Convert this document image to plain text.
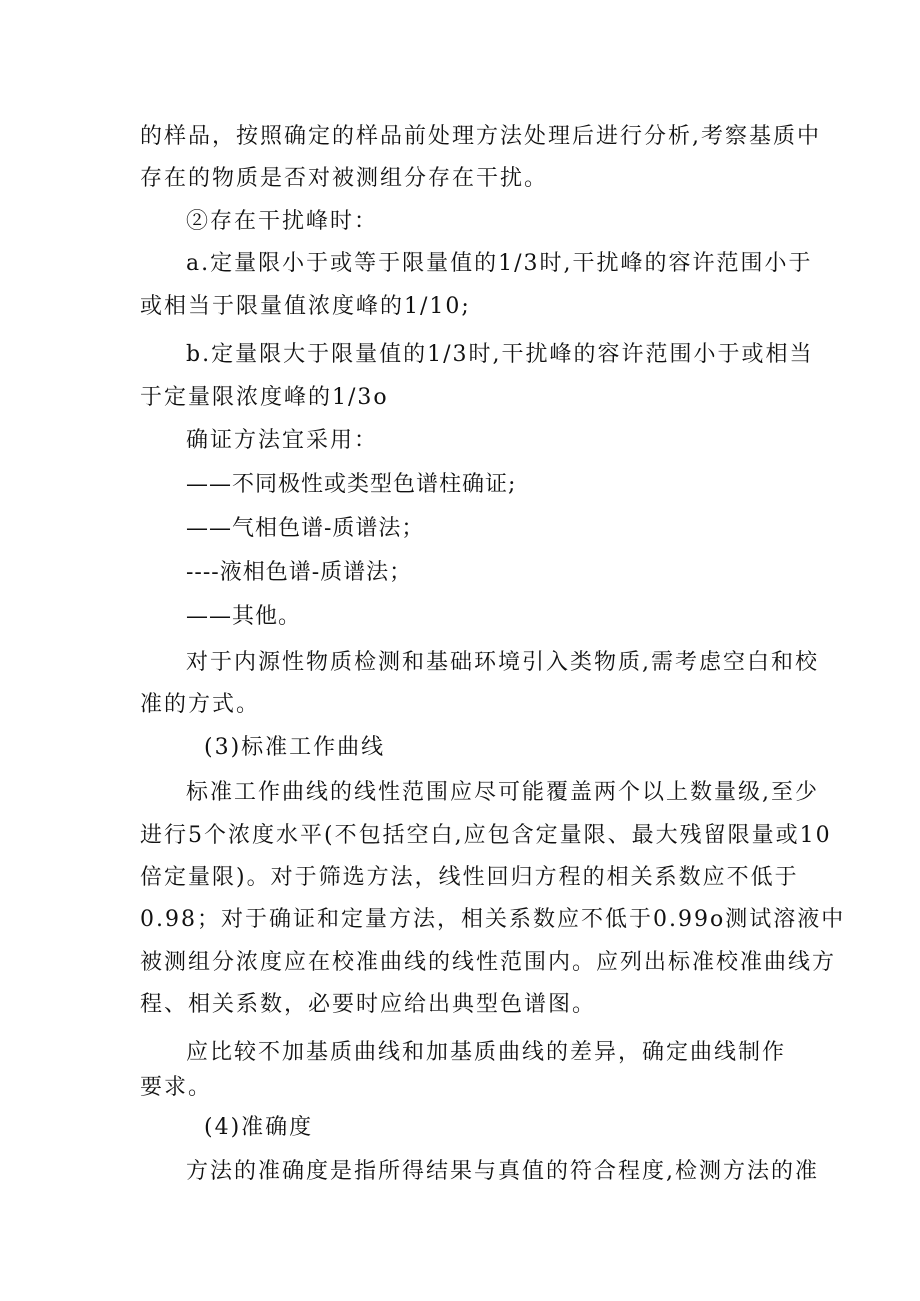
的样品，按照确定的样品前处理方法处理后进行分析,考察基质中

存在的物质是否对被测组分存在干扰。

②存在干扰峰时：

a.定量限小于或等于限量值的1/3时,干扰峰的容许范围小于

或相当于限量值浓度峰的1/10;

b.定量限大于限量值的1/3时,干扰峰的容许范围小于或相当

于定量限浓度峰的1/3o

确证方法宜采用：

——不同极性或类型色谱柱确证;

——气相色谱-质谱法；

----液相色谱-质谱法；

——其他。

对于内源性物质检测和基础环境引入类物质,需考虑空白和校

准的方式。

(3)标准工作曲线

标准工作曲线的线性范围应尽可能覆盖两个以上数量级,至少

进行5个浓度水平(不包括空白,应包含定量限、最大残留限量或10

倍定量限)。对于筛选方法，线性回归方程的相关系数应不低于

0.98；对于确证和定量方法，相关系数应不低于0.99o测试溶液中

被测组分浓度应在校准曲线的线性范围内。应列出标准校准曲线方

程、相关系数，必要时应给出典型色谱图。

应比较不加基质曲线和加基质曲线的差异，确定曲线制作

要求。

(4)准确度

方法的准确度是指所得结果与真值的符合程度,检测方法的准
